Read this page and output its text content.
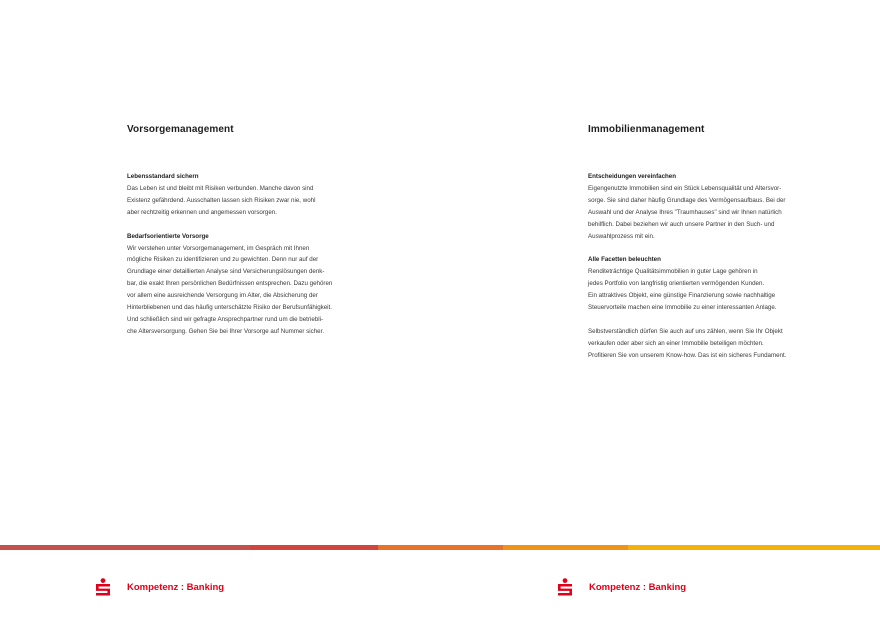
Vorsorgemanagement
Lebensstandard sichern

Das Leben ist und bleibt mit Risiken verbunden. Manche davon sind
Existenz gefährdend. Ausschalten lassen sich Risiken zwar nie, wohl
aber rechtzeitig erkennen und angemessen vorsorgen.

Bedarfsorientierte Vorsorge

Wir verstehen unter Vorsorgemanagement, im Gespräch mit Ihnen
mögliche Risiken zu identifizieren und zu gewichten. Denn nur auf der
Grundlage einer detaillierten Analyse sind Versicherungslösungen denk-
bar, die exakt Ihren persönlichen Bedürfnissen entsprechen. Dazu gehören
vor allem eine ausreichende Versorgung im Alter, die Absicherung der
Hinterbliebenen und das häufig unterschätzte Risiko der Berufsunfähigkeit.
Und schließlich sind wir gefragte Ansprechpartner rund um die betriebli-
che Altersversorgung. Gehen Sie bei Ihrer Vorsorge auf Nummer sicher.

Immobilienmanagement
Entscheidungen vereinfachen

Eigengenutzte Immobilien sind ein Stück Lebensqualität und Altersvor-
sorge. Sie sind daher häufig Grundlage des Vermögensaufbaus. Bei der
Auswahl und der Analyse Ihres "Traumhauses" sind wir Ihnen natürlich
behilflich. Dabei beziehen wir auch unsere Partner in den Such- und
Auswahlprozess mit ein.

Alle Facetten beleuchten

Renditeträchtige Qualitätsimmobilien in guter Lage gehören in
jedes Portfolio von langfristig orientierten vermögenden Kunden.
Ein attraktives Objekt, eine günstige Finanzierung sowie nachhaltige
Steuervorteile machen eine Immobilie zu einer interessanten Anlage.

Selbstverständlich dürfen Sie auch auf uns zählen, wenn Sie Ihr Objekt
verkaufen oder aber sich an einer Immobilie beteiligen möchten.
Profitieren Sie von unserem Know-how. Das ist ein sicheres Fundament.

Kompetenz : Banking	Kompetenz : Banking
